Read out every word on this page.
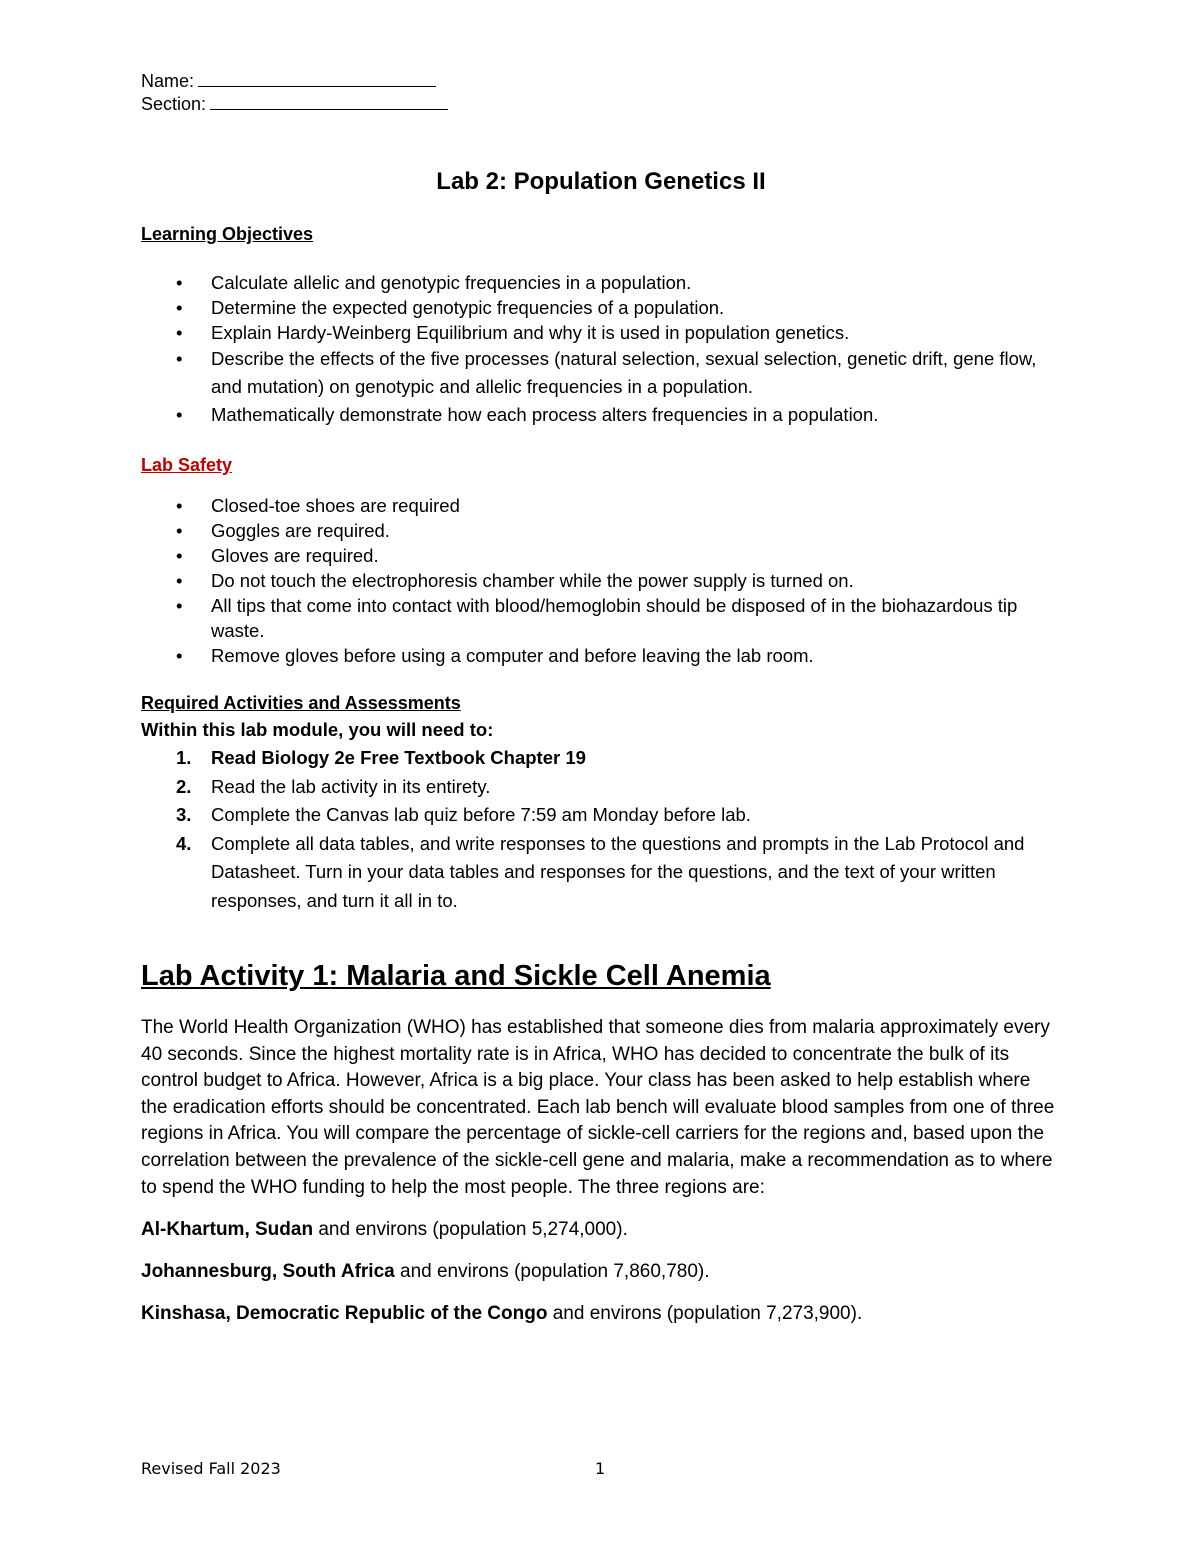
Name:
Section:
Lab 2: Population Genetics II
Learning Objectives
• Calculate allelic and genotypic frequencies in a population.
• Determine the expected genotypic frequencies of a population.
• Explain Hardy-Weinberg Equilibrium and why it is used in population genetics.
• Describe the effects of the five processes (natural selection, sexual selection, genetic drift, gene flow, and mutation) on genotypic and allelic frequencies in a population.
• Mathematically demonstrate how each process alters frequencies in a population.
Lab Safety
• Closed-toe shoes are required
• Goggles are required.
• Gloves are required.
• Do not touch the electrophoresis chamber while the power supply is turned on.
• All tips that come into contact with blood/hemoglobin should be disposed of in the biohazardous tip waste.
• Remove gloves before using a computer and before leaving the lab room.
Required Activities and Assessments
Within this lab module, you will need to:
1. Read Biology 2e Free Textbook Chapter 19
2. Read the lab activity in its entirety.
3. Complete the Canvas lab quiz before 7:59 am Monday before lab.
4. Complete all data tables, and write responses to the questions and prompts in the Lab Protocol and Datasheet. Turn in your data tables and responses for the questions, and the text of your written responses, and turn it all in to.
Lab Activity 1: Malaria and Sickle Cell Anemia

The World Health Organization (WHO) has established that someone dies from malaria approximately every 40 seconds. Since the highest mortality rate is in Africa, WHO has decided to concentrate the bulk of its control budget to Africa. However, Africa is a big place. Your class has been asked to help establish where the eradication efforts should be concentrated. Each lab bench will evaluate blood samples from one of three regions in Africa. You will compare the percentage of sickle-cell carriers for the regions and, based upon the correlation between the prevalence of the sickle-cell gene and malaria, make a recommendation as to where to spend the WHO funding to help the most people. The three regions are:

Al-Khartum, Sudan and environs (population 5,274,000).

Johannesburg, South Africa and environs (population 7,860,780).

Kinshasa, Democratic Republic of the Congo and environs (population 7,273,900).

Revised Fall 2023	1
